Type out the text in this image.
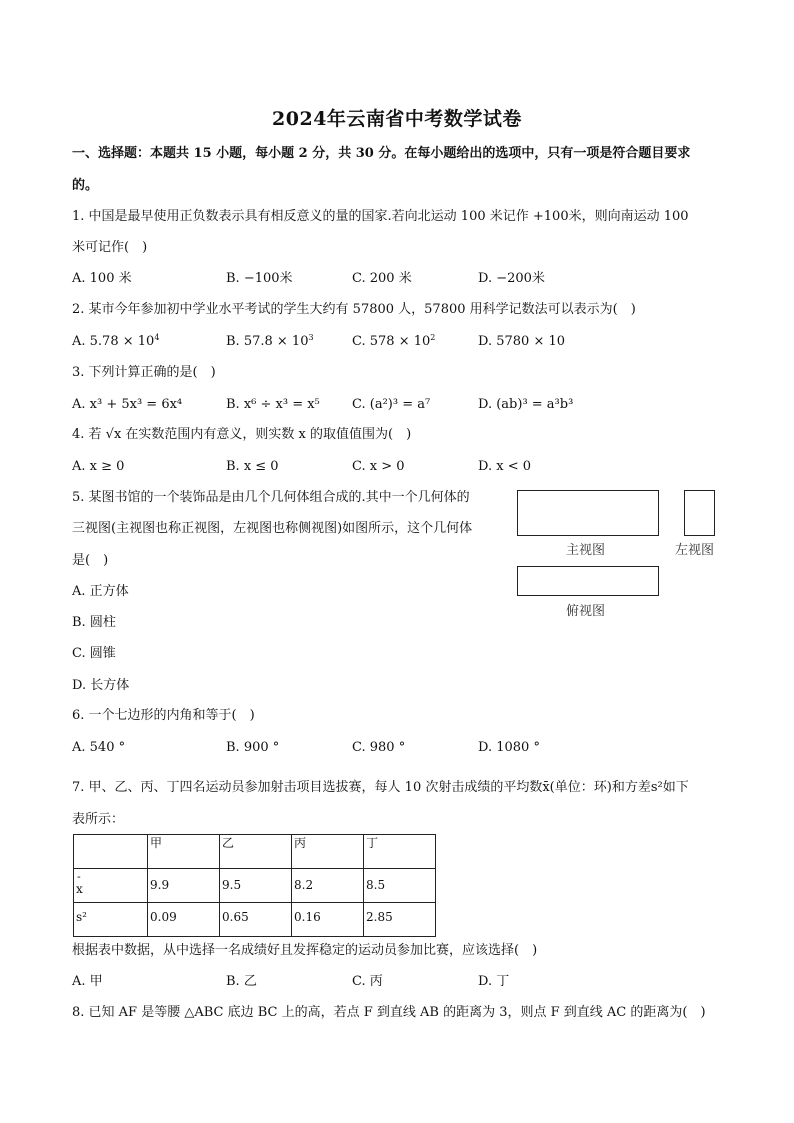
2024年云南省中考数学试卷
一、选择题：本题共 15 小题，每小题 2 分，共 30 分。在每小题给出的选项中，只有一项是符合题目要求
的。
1. 中国是最早使用正负数表示具有相反意义的量的国家.若向北运动 100 米记作 +100米，则向南运动 100
米可记作(　)
A. 100 米	B. −100米	C. 200 米	D. −200米
2. 某市今年参加初中学业水平考试的学生大约有 57800 人，57800 用科学记数法可以表示为(　)
A. $5.78 \times 10^4$	B. $57.8 \times 10^3$	C. $578 \times 10^2$	D. 5780 × 10
3. 下列计算正确的是(　)
A. x³ + 5x³ = 6x⁴	B. x⁶ ÷ x³ = x⁵ C. (a²)³ = a⁷	D. (ab)³ = a³b³
4. 若 √x 在实数范围内有意义，则实数 x 的取值值围为(　)
A. x ≥ 0	B. x ≤ 0	C. x > 0	D. x < 0
5. 某图书馆的一个装饰品是由几个几何体组合成的.其中一个几何体的
三视图(主视图也称正视图，左视图也称侧视图)如图所示，这个几何体
是(　)
A. 正方体
B. 圆柱
C. 圆锥
D. 长方体
主视图	左视图
俯视图
6. 一个七边形的内角和等于(　)
A. 540 °	B. 900 °	C. 980 °	D. 1080 °
7. 甲、乙、丙、丁四名运动员参加射击项目选拔赛，每人 10 次射击成绩的平均数x̄(单位：环)和方差s²如下
表所示：
	甲	乙	丙	丁
- x	9.9	9.5	8.2	8.5

s²	0.09	0.65	0.16	2.85
根据表中数据，从中选择一名成绩好且发挥稳定的运动员参加比赛，应该选择(　)
A. 甲	B. 乙	C. 丙	D. 丁
8. 已知 AF 是等腰 △ABC 底边 BC 上的高，若点 F 到直线 AB 的距离为 3，则点 F 到直线 AC 的距离为(　)
